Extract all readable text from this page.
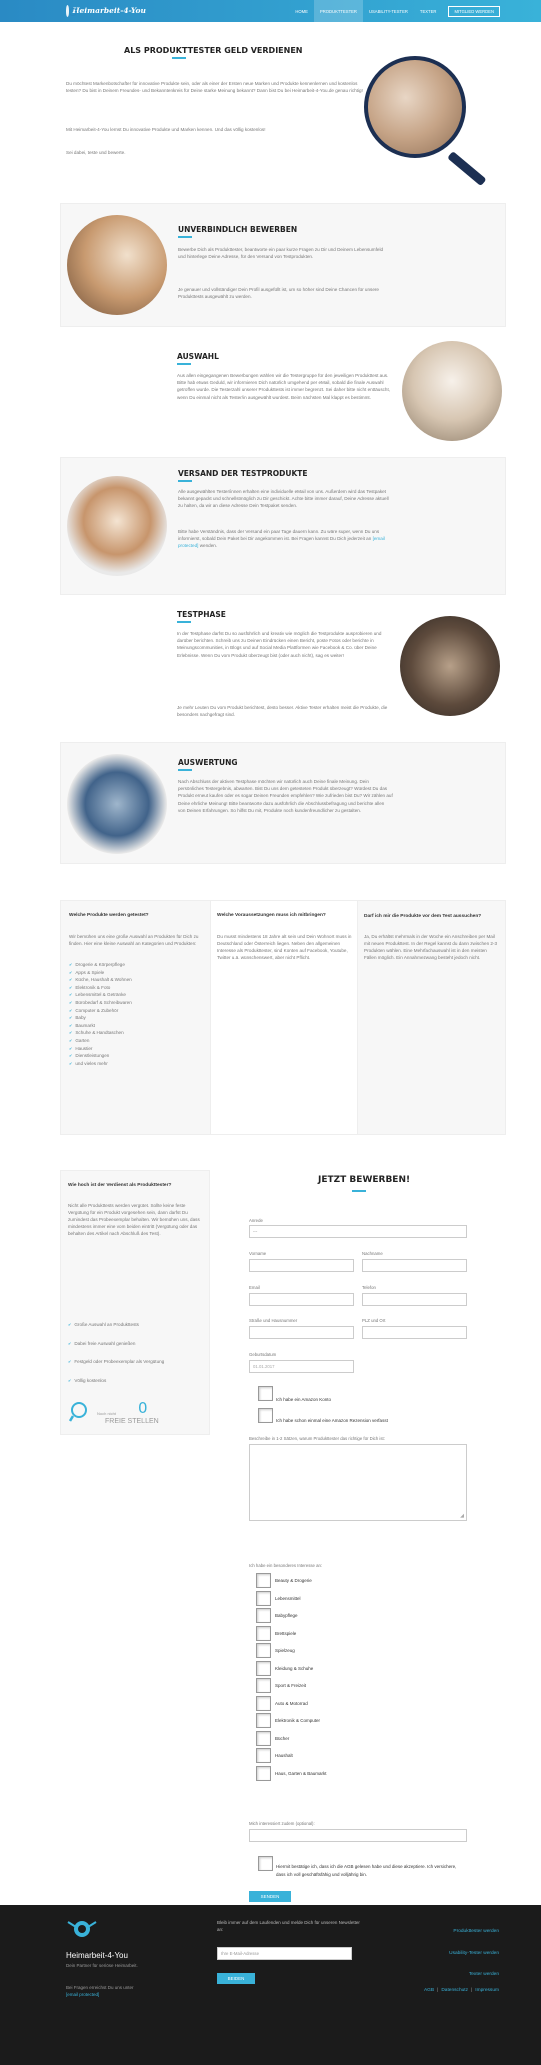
Heimarbeit-4-You	HOME	PRODUKTTESTER	USABILITY-TESTER	TEXTER	MITGLIED WERDEN
ALS PRODUKTTESTER GELD VERDIENEN
Du möchtest Markenbotschafter für innovative Produkte sein, oder als einer der Ersten neue Marken und Produkte kennenlernen und kostenlos testen? Du bist in Deinem Freundes- und Bekanntenkreis für Deine starke Meinung bekannt? Dann bist Du bei Heimarbeit-4-You.de genau richtig!
Mit Heimarbeit-4-You lernst Du innovative Produkte und Marken kennen. Und das völlig kostenlos!
Sei dabei, teste und bewerte.
UNVERBINDLICH BEWERBEN
Bewerbe Dich als Produkttester, beantworte ein paar kurze Fragen zu Dir und Deinem Lebensumfeld und hinterlege Deine Adresse, für den Versand von Testprodukten.
Je genauer und vollständiger Dein Profil ausgefüllt ist, um so höher sind Deine Chancen für unsere Produkttests ausgewählt zu werden.
AUSWAHL
Aus allen eingegangenen Bewerbungen wählen wir die Testergruppe für den jeweiligen Produkttest aus. Bitte hab etwas Geduld, wir informieren Dich natürlich umgehend per eMail, sobald die finale Auswahl getroffen wurde. Die Testerzahl unserer Produkttests ist immer begrenzt. Sei daher bitte nicht enttäuscht, wenn Du einmal nicht als Tester/in ausgewählt wurdest. Beim nächsten Mal klappt es bestimmt.
VERSAND DER TESTPRODUKTE
Alle ausgewählten Tester/innen erhalten eine individuelle eMail von uns. Außerdem wird das Testpaket bekannt gepackt und schnellstmöglich zu Dir geschickt. Achte bitte immer darauf, Deine Adresse aktuell zu halten, da wir an diese Adresse Dein Testpaket senden.
Bitte habe Verständnis, dass der Versand ein paar Tage dauern kann. Zu wäre super, wenn Du uns informierst, sobald Dein Paket bei Dir angekommen ist. Bei Fragen kannst Du Dich jederzeit an [email protected] wenden.
TESTPHASE
In der Testphase darfst Du so ausführlich und kreativ wie möglich die Testprodukte ausprobieren und darüber berichten. Schreib uns zu Deinen Eindrücken einen Bericht, poste Fotos oder berichte in Meinungscommunities, in Blogs und auf Social Media Plattformen wie Facebook & Co. über Deine Erlebnisse. Wenn Du vom Produkt überzeugt bist (oder auch nicht), sag es weiter!
Je mehr Leuten Du vom Produkt berichtest, desto besser. Aktive Tester erhalten meist die Produkte, die besonders nachgefragt sind.
AUSWERTUNG
Nach Abschluss der aktiven Testphase möchten wir natürlich auch Deine finale Meinung. Dein persönliches Testergebnis, abwarten. Bist Du uns dem getesteten Produkt überzeugt? Würdest Du das Produkt erneut kaufen oder es sogar Deinen Freunden empfehlen? Wie zufrieden bist Du? Wir zählen auf Deine ehrliche Meinung! Bitte beantworte dazu ausführlich die Abschlussbefragung und berichte allen von Deinen Erfahrungen. So hilfst Du mit, Produkte noch kundenfreundlicher zu gestalten.
Welche Produkte werden getestet?
Wir bemühen uns eine große Auswahl an Produkten für Dich zu finden. Hier eine kleine Auswahl an Kategorien und Produkten:
✔ Drogerie & Körperpflege
✔ Apps & Spiele
✔ Küche, Haushalt & Wohnen
✔ Elektronik & Foto
✔ Lebensmittel & Getränke
✔ Bürobedarf & Schreibwaren
✔ Computer & Zubehör
✔ Baby
✔ Baumarkt
✔ Schuhe & Handtaschen
✔ Garten
✔ Haustier
✔ Dienstleistungen
✔ und vieles mehr
Welche Voraussetzungen muss ich mitbringen?
Du musst mindestens 18 Jahre alt sein und Dein Wohnort muss in Deutschland oder Österreich liegen. Neben den allgemeinen Interesse als Produkttester, sind Konten auf Facebook, Youtube, Twitter u.ä. wünschenswert, aber nicht Pflicht.
Darf ich mir die Produkte vor dem Test aussuchen?
Ja, Du erhältst mehrmals in der Woche ein Anschreiben per Mail mit neuen Produkttest. In der Regel kannst du dann zwischen 2-3 Produkten wählen. Eine Mehrfachauswahl ist in den meisten Fällen möglich. Ein Annahmezwang besteht jedoch nicht.
Wie hoch ist der Verdienst als Produkttester?
Nicht alle Produkttests werden vergütet. Sollte keine feste Vergütung für ein Produkt vorgesehen sein, dann darfst Du zumindest das Probeexemplar behalten. Wir bemühen uns, dass mindestens immer eine vom beiden eintritt (Vergütung oder das behalten des Artikel nach Abschluß des Test).
✔ Große Auswahl an Produkttests
✔ Dabei freie Auswahl genießen
✔ Festgeld oder Probeexemplar als Vergütung
✔ Völlig kostenlos
Noch nicht 0
FREIE STELLEN
JETZT BEWERBEN!
Anrede
---
Vorname	Nachname
Email	Telefon
Straße und Hausnummer	PLZ und Ort
Geburtsdatum
01.01.2017
Ich habe ein Amazon Konto
Ich habe schon einmal eine Amazon Rezension verfasst
Beschreibe in 1-2 Sätzen, warum Produkttester das richtige für Dich ist:
◢
Ich habe ein besonderes Interesse an:
Beauty & Drogerie
Lebensmittel
Babypflege
Brettspiele
Spielzeug
Kleidung & Schuhe
Sport & Freizeit
Auto & Motorrad
Elektronik & Computer
Bücher
Haushalt
Haus, Garten & Baumarkt
Mich interessiert zudem (optional):
Hiermit bestätige ich, dass ich die AGB gelesen habe und diese akzeptiere. Ich versichere, dass ich voll geschäftsfähig und volljährig bin.
SENDEN
Heimarbeit-4-You
Dein Partner für seriöse Heimarbeit.
Bei Fragen erreichst Du uns unter
[email protected]
Bleib immer auf dem Laufenden und melde Dich für unseren Newsletter an:
Ihre E-Mail-Adresse
BEIDEN
Produkttester werden
Usability-Tester werden
Texter werden
AGB | Datenschutz | Impressum
